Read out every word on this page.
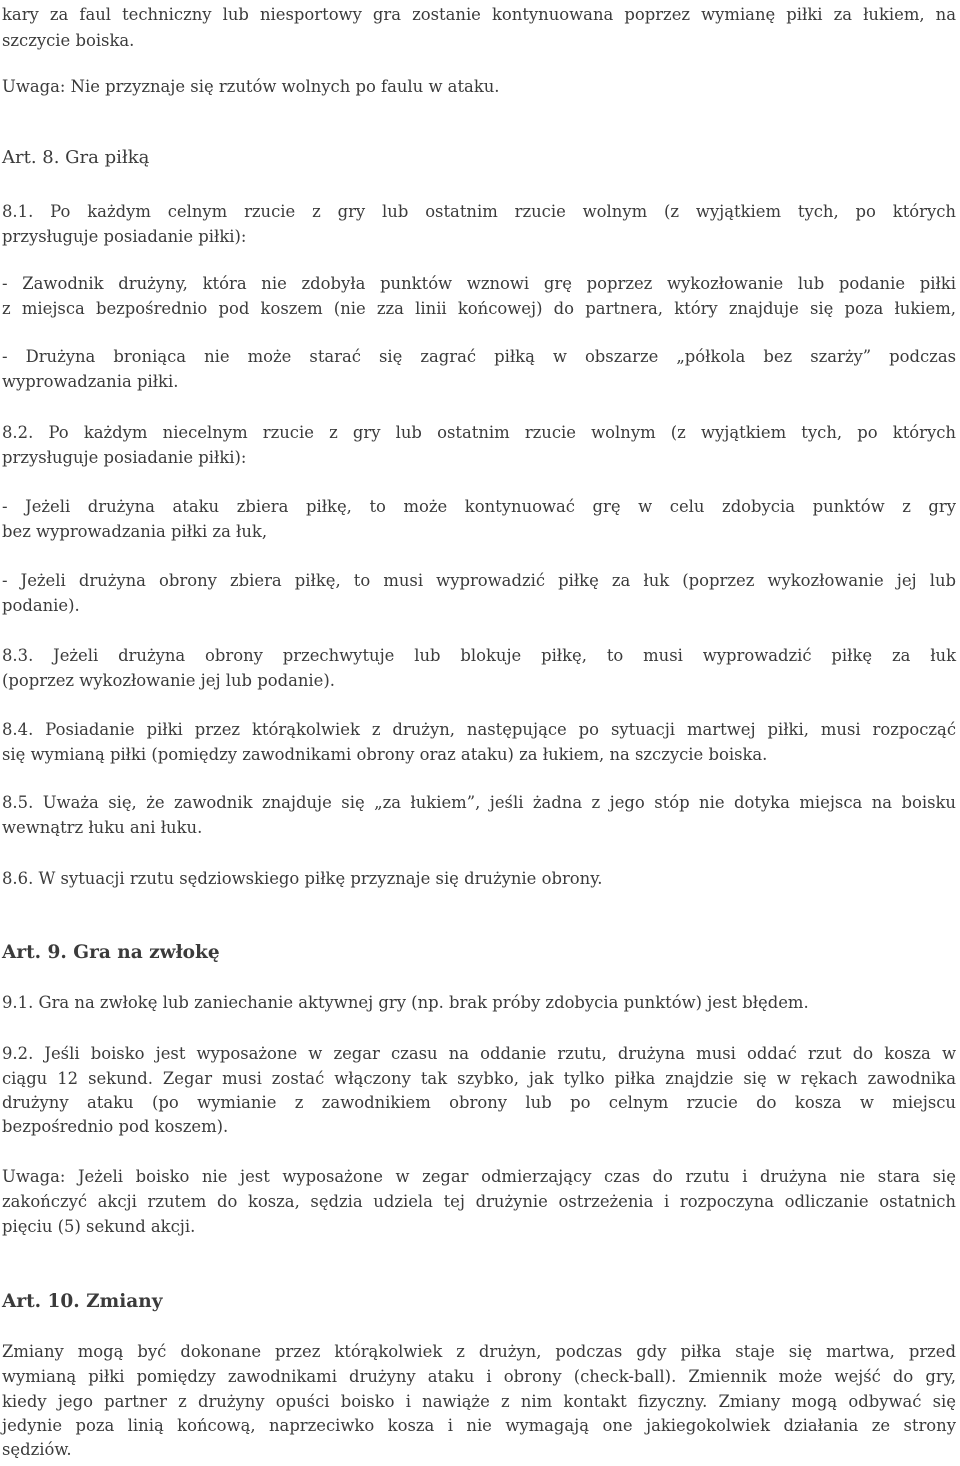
kary za faul techniczny lub niesportowy gra zostanie kontynuowana poprzez wymianę piłki za łukiem, na

szczycie boiska.

Uwaga: Nie przyznaje się rzutów wolnych po faulu w ataku.

Art. 8. Gra piłką

8.1. Po każdym celnym rzucie z gry lub ostatnim rzucie wolnym (z wyjątkiem tych, po których

przysługuje posiadanie piłki):

- Zawodnik drużyny, która nie zdobyła punktów wznowi grę poprzez wykozłowanie lub podanie piłki

z miejsca bezpośrednio pod koszem (nie zza linii końcowej) do partnera, który znajduje się poza łukiem,

- Drużyna broniąca nie może starać się zagrać piłką w obszarze „półkola bez szarży” podczas

wyprowadzania piłki.

8.2. Po każdym niecelnym rzucie z gry lub ostatnim rzucie wolnym (z wyjątkiem tych, po których

przysługuje posiadanie piłki):

- Jeżeli drużyna ataku zbiera piłkę, to może kontynuować grę w celu zdobycia punktów z gry

bez wyprowadzania piłki za łuk,

- Jeżeli drużyna obrony zbiera piłkę, to musi wyprowadzić piłkę za łuk (poprzez wykozłowanie jej lub

podanie).

8.3. Jeżeli drużyna obrony przechwytuje lub blokuje piłkę, to musi wyprowadzić piłkę za łuk

(poprzez wykozłowanie jej lub podanie).

8.4. Posiadanie piłki przez którąkolwiek z drużyn, następujące po sytuacji martwej piłki, musi rozpocząć

się wymianą piłki (pomiędzy zawodnikami obrony oraz ataku) za łukiem, na szczycie boiska.

8.5. Uważa się, że zawodnik znajduje się „za łukiem”, jeśli żadna z jego stóp nie dotyka miejsca na boisku

wewnątrz łuku ani łuku.

8.6. W sytuacji rzutu sędziowskiego piłkę przyznaje się drużynie obrony.

Art. 9. Gra na zwłokę

9.1. Gra na zwłokę lub zaniechanie aktywnej gry (np. brak próby zdobycia punktów) jest błędem.

9.2. Jeśli boisko jest wyposażone w zegar czasu na oddanie rzutu, drużyna musi oddać rzut do kosza w

ciągu 12 sekund. Zegar musi zostać włączony tak szybko, jak tylko piłka znajdzie się w rękach zawodnika

drużyny ataku (po wymianie z zawodnikiem obrony lub po celnym rzucie do kosza w miejscu

bezpośrednio pod koszem).

Uwaga: Jeżeli boisko nie jest wyposażone w zegar odmierzający czas do rzutu i drużyna nie stara się

zakończyć akcji rzutem do kosza, sędzia udziela tej drużynie ostrzeżenia i rozpoczyna odliczanie ostatnich

pięciu (5) sekund akcji.

Art. 10. Zmiany

Zmiany mogą być dokonane przez którąkolwiek z drużyn, podczas gdy piłka staje się martwa, przed

wymianą piłki pomiędzy zawodnikami drużyny ataku i obrony (check-ball). Zmiennik może wejść do gry,

kiedy jego partner z drużyny opuści boisko i nawiąże z nim kontakt fizyczny. Zmiany mogą odbywać się

jedynie poza linią końcową, naprzeciwko kosza i nie wymagają one jakiegokolwiek działania ze strony

sędziów.
